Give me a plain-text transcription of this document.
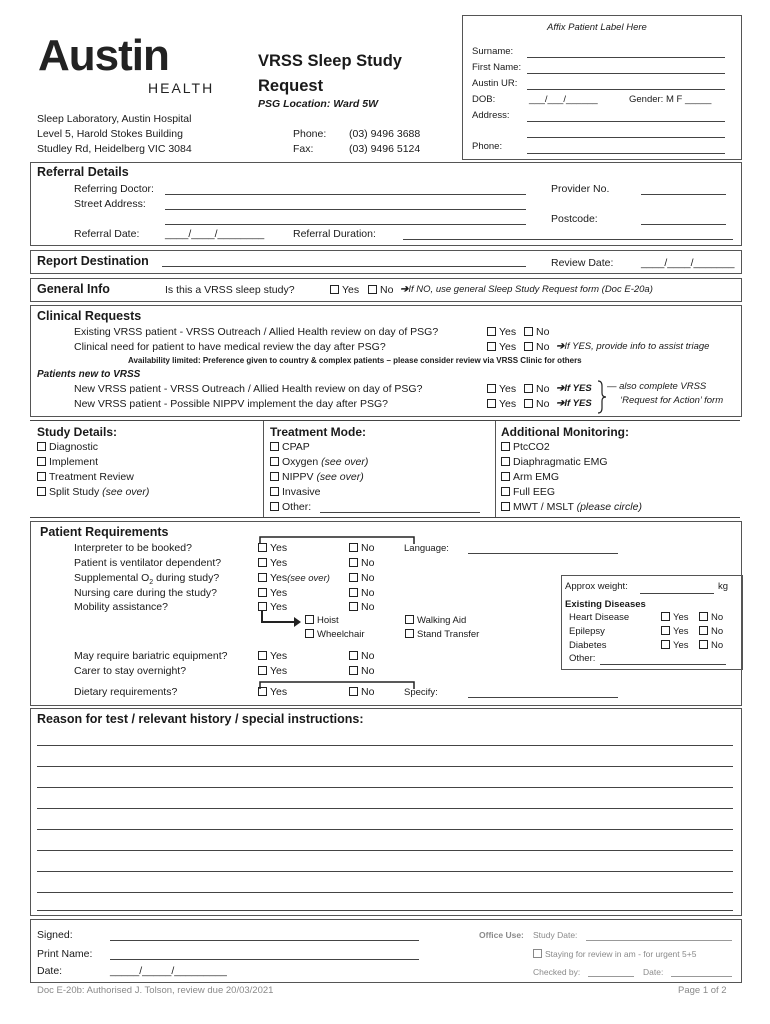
Austin
HEALTH
VRSS Sleep Study
Request
PSG Location: Ward 5W
Sleep Laboratory, Austin Hospital
Level 5, Harold Stokes Building
Studley Rd, Heidelberg VIC 3084
Phone: (03) 9496 3688
Fax:	(03) 9496 5124
Affix Patient Label Here
Surname:
First Name:
Austin UR:
DOB:	___/___/______	Gender: M F _____
Address:
Phone:
Referral Details
Referring Doctor:	Provider No.
Street Address:
Postcode:
Referral Date: ____/____/________	Referral Duration:
Report Destination	Review Date:	____/____/_______
General Info	Is this a VRSS sleep study?	Yes	No ➔If NO, use general Sleep Study Request form (Doc E-20a)
Clinical Requests
Existing VRSS patient - VRSS Outreach / Allied Health review on day of PSG?	Yes	No
Clinical need for patient to have medical review the day after PSG?	Yes	No ➔If YES, provide info to assist triage
Availability limited: Preference given to country & complex patients – please consider review via VRSS Clinic for others
Patients new to VRSS
New VRSS patient - VRSS Outreach / Allied Health review on day of PSG?	Yes	No ➔If YES
New VRSS patient - Possible NIPPV implement the day after PSG?	Yes	No ➔If YES
— also complete VRSS
‘Request for Action’ form
Study Details:
Diagnostic
Implement
Treatment Review
Split Study (see over)
Treatment Mode:
CPAP
Oxygen (see over)
NIPPV (see over)
Invasive
Other:
Additional Monitoring:
PtcCO2
Diaphragmatic EMG
Arm EMG
Full EEG
MWT / MSLT (please circle)
Patient Requirements
Interpreter to be booked?	Yes	No	Language:
Patient is ventilator dependent?	Yes	No
Supplemental $O_2$ during study?	Yes(see over)	No
Nursing care during the study?	Yes	No
Mobility assistance?	Yes	No
Hoist
Wheelchair
Walking Aid
Stand Transfer
May require bariatric equipment?	Yes	No
Carer to stay overnight?	Yes	No
Dietary requirements?	Yes	No	Specify:
Approx weight:	kg
Existing Diseases
Heart Disease	Yes	No
Epilepsy	Yes	No
Diabetes	Yes	No
Other:
Reason for test / relevant history / special instructions:
Signed:
Print Name:
Date:	_____/_____/_________
Office Use: Study Date:
Staying for review in am - for urgent 5+5
Checked by:	Date:
Doc E-20b: Authorised J. Tolson, review due 20/03/2021	Page 1 of 2
